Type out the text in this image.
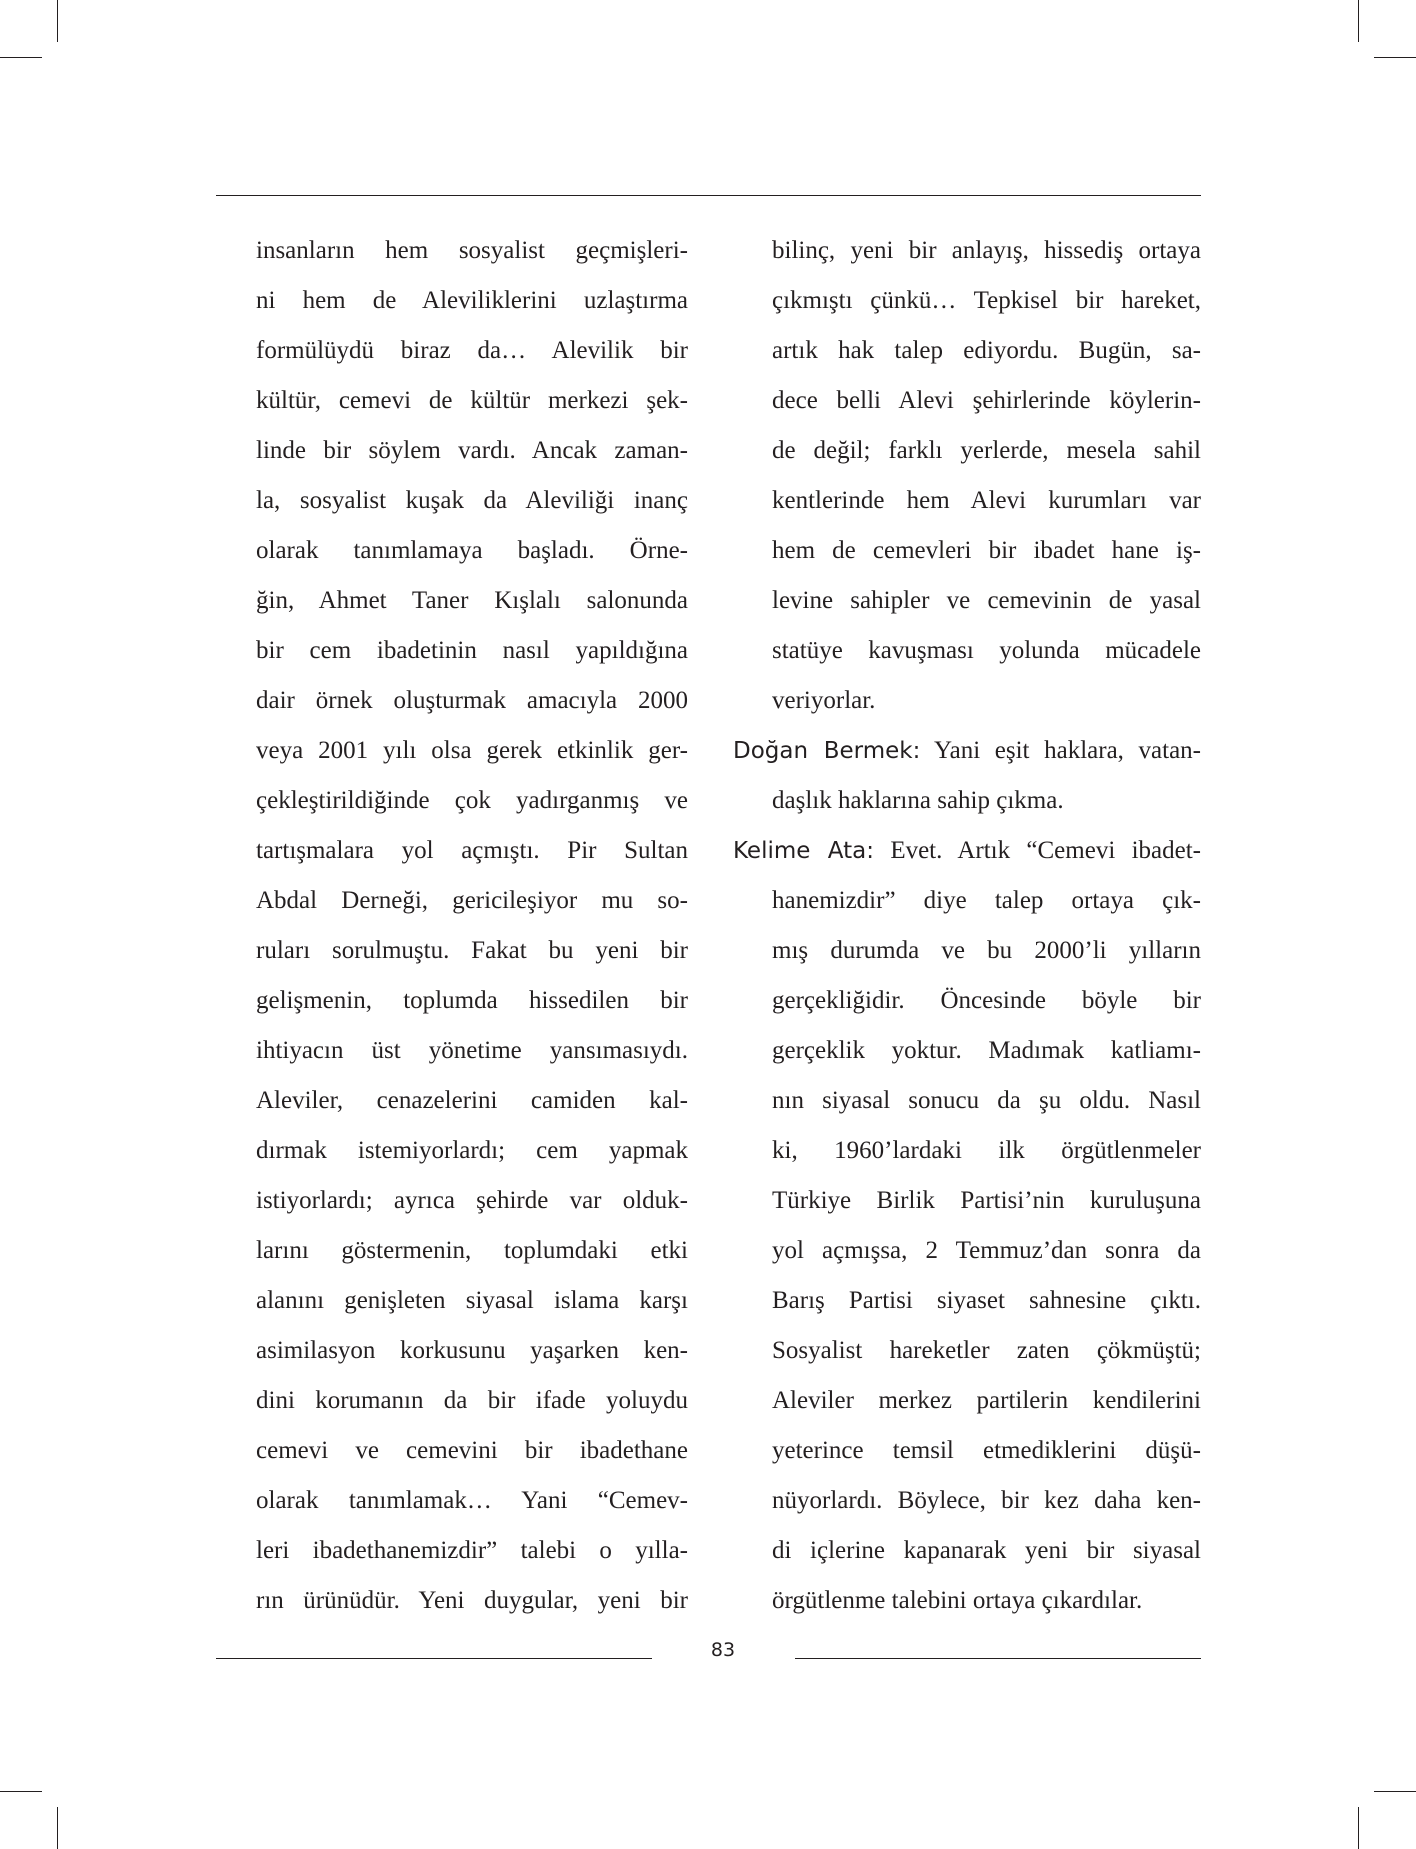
insanların hem sosyalist geçmişleri-
ni hem de Aleviliklerini uzlaştırma
formülüydü biraz da… Alevilik bir
kültür, cemevi de kültür merkezi şek-
linde bir söylem vardı. Ancak zaman-
la, sosyalist kuşak da Aleviliği inanç
olarak tanımlamaya başladı. Örne-
ğin, Ahmet Taner Kışlalı salonunda
bir cem ibadetinin nasıl yapıldığına
dair örnek oluşturmak amacıyla 2000
veya 2001 yılı olsa gerek etkinlik ger-
çekleştirildiğinde çok yadırganmış ve
tartışmalara yol açmıştı. Pir Sultan
Abdal Derneği, gericileşiyor mu so-
ruları sorulmuştu. Fakat bu yeni bir
gelişmenin, toplumda hissedilen bir
ihtiyacın üst yönetime yansımasıydı.
Aleviler, cenazelerini camiden kal-
dırmak istemiyorlardı; cem yapmak
istiyorlardı; ayrıca şehirde var olduk-
larını göstermenin, toplumdaki etki
alanını genişleten siyasal islama karşı
asimilasyon korkusunu yaşarken ken-
dini korumanın da bir ifade yoluydu
cemevi ve cemevini bir ibadethane
olarak tanımlamak… Yani “Cemev-
leri ibadethanemizdir” talebi o yılla-
rın ürünüdür. Yeni duygular, yeni bir
bilinç, yeni bir anlayış, hissediş ortaya
çıkmıştı çünkü… Tepkisel bir hareket,
artık hak talep ediyordu. Bugün, sa-
dece belli Alevi şehirlerinde köylerin-
de değil; farklı yerlerde, mesela sahil
kentlerinde hem Alevi kurumları var
hem de cemevleri bir ibadet hane iş-
levine sahipler ve cemevinin de yasal
statüye kavuşması yolunda mücadele
veriyorlar.
Doğan Bermek: Yani eşit haklara, vatan-
daşlık haklarına sahip çıkma.
Kelime Ata: Evet. Artık “Cemevi ibadet-
hanemizdir” diye talep ortaya çık-
mış durumda ve bu 2000’li yılların
gerçekliğidir. Öncesinde böyle bir
gerçeklik yoktur. Madımak katliamı-
nın siyasal sonucu da şu oldu. Nasıl
ki, 1960’lardaki ilk örgütlenmeler
Türkiye Birlik Partisi’nin kuruluşuna
yol açmışsa, 2 Temmuz’dan sonra da
Barış Partisi siyaset sahnesine çıktı.
Sosyalist hareketler zaten çökmüştü;
Aleviler merkez partilerin kendilerini
yeterince temsil etmediklerini düşü-
nüyorlardı. Böylece, bir kez daha ken-
di içlerine kapanarak yeni bir siyasal
örgütlenme talebini ortaya çıkardılar.
83
